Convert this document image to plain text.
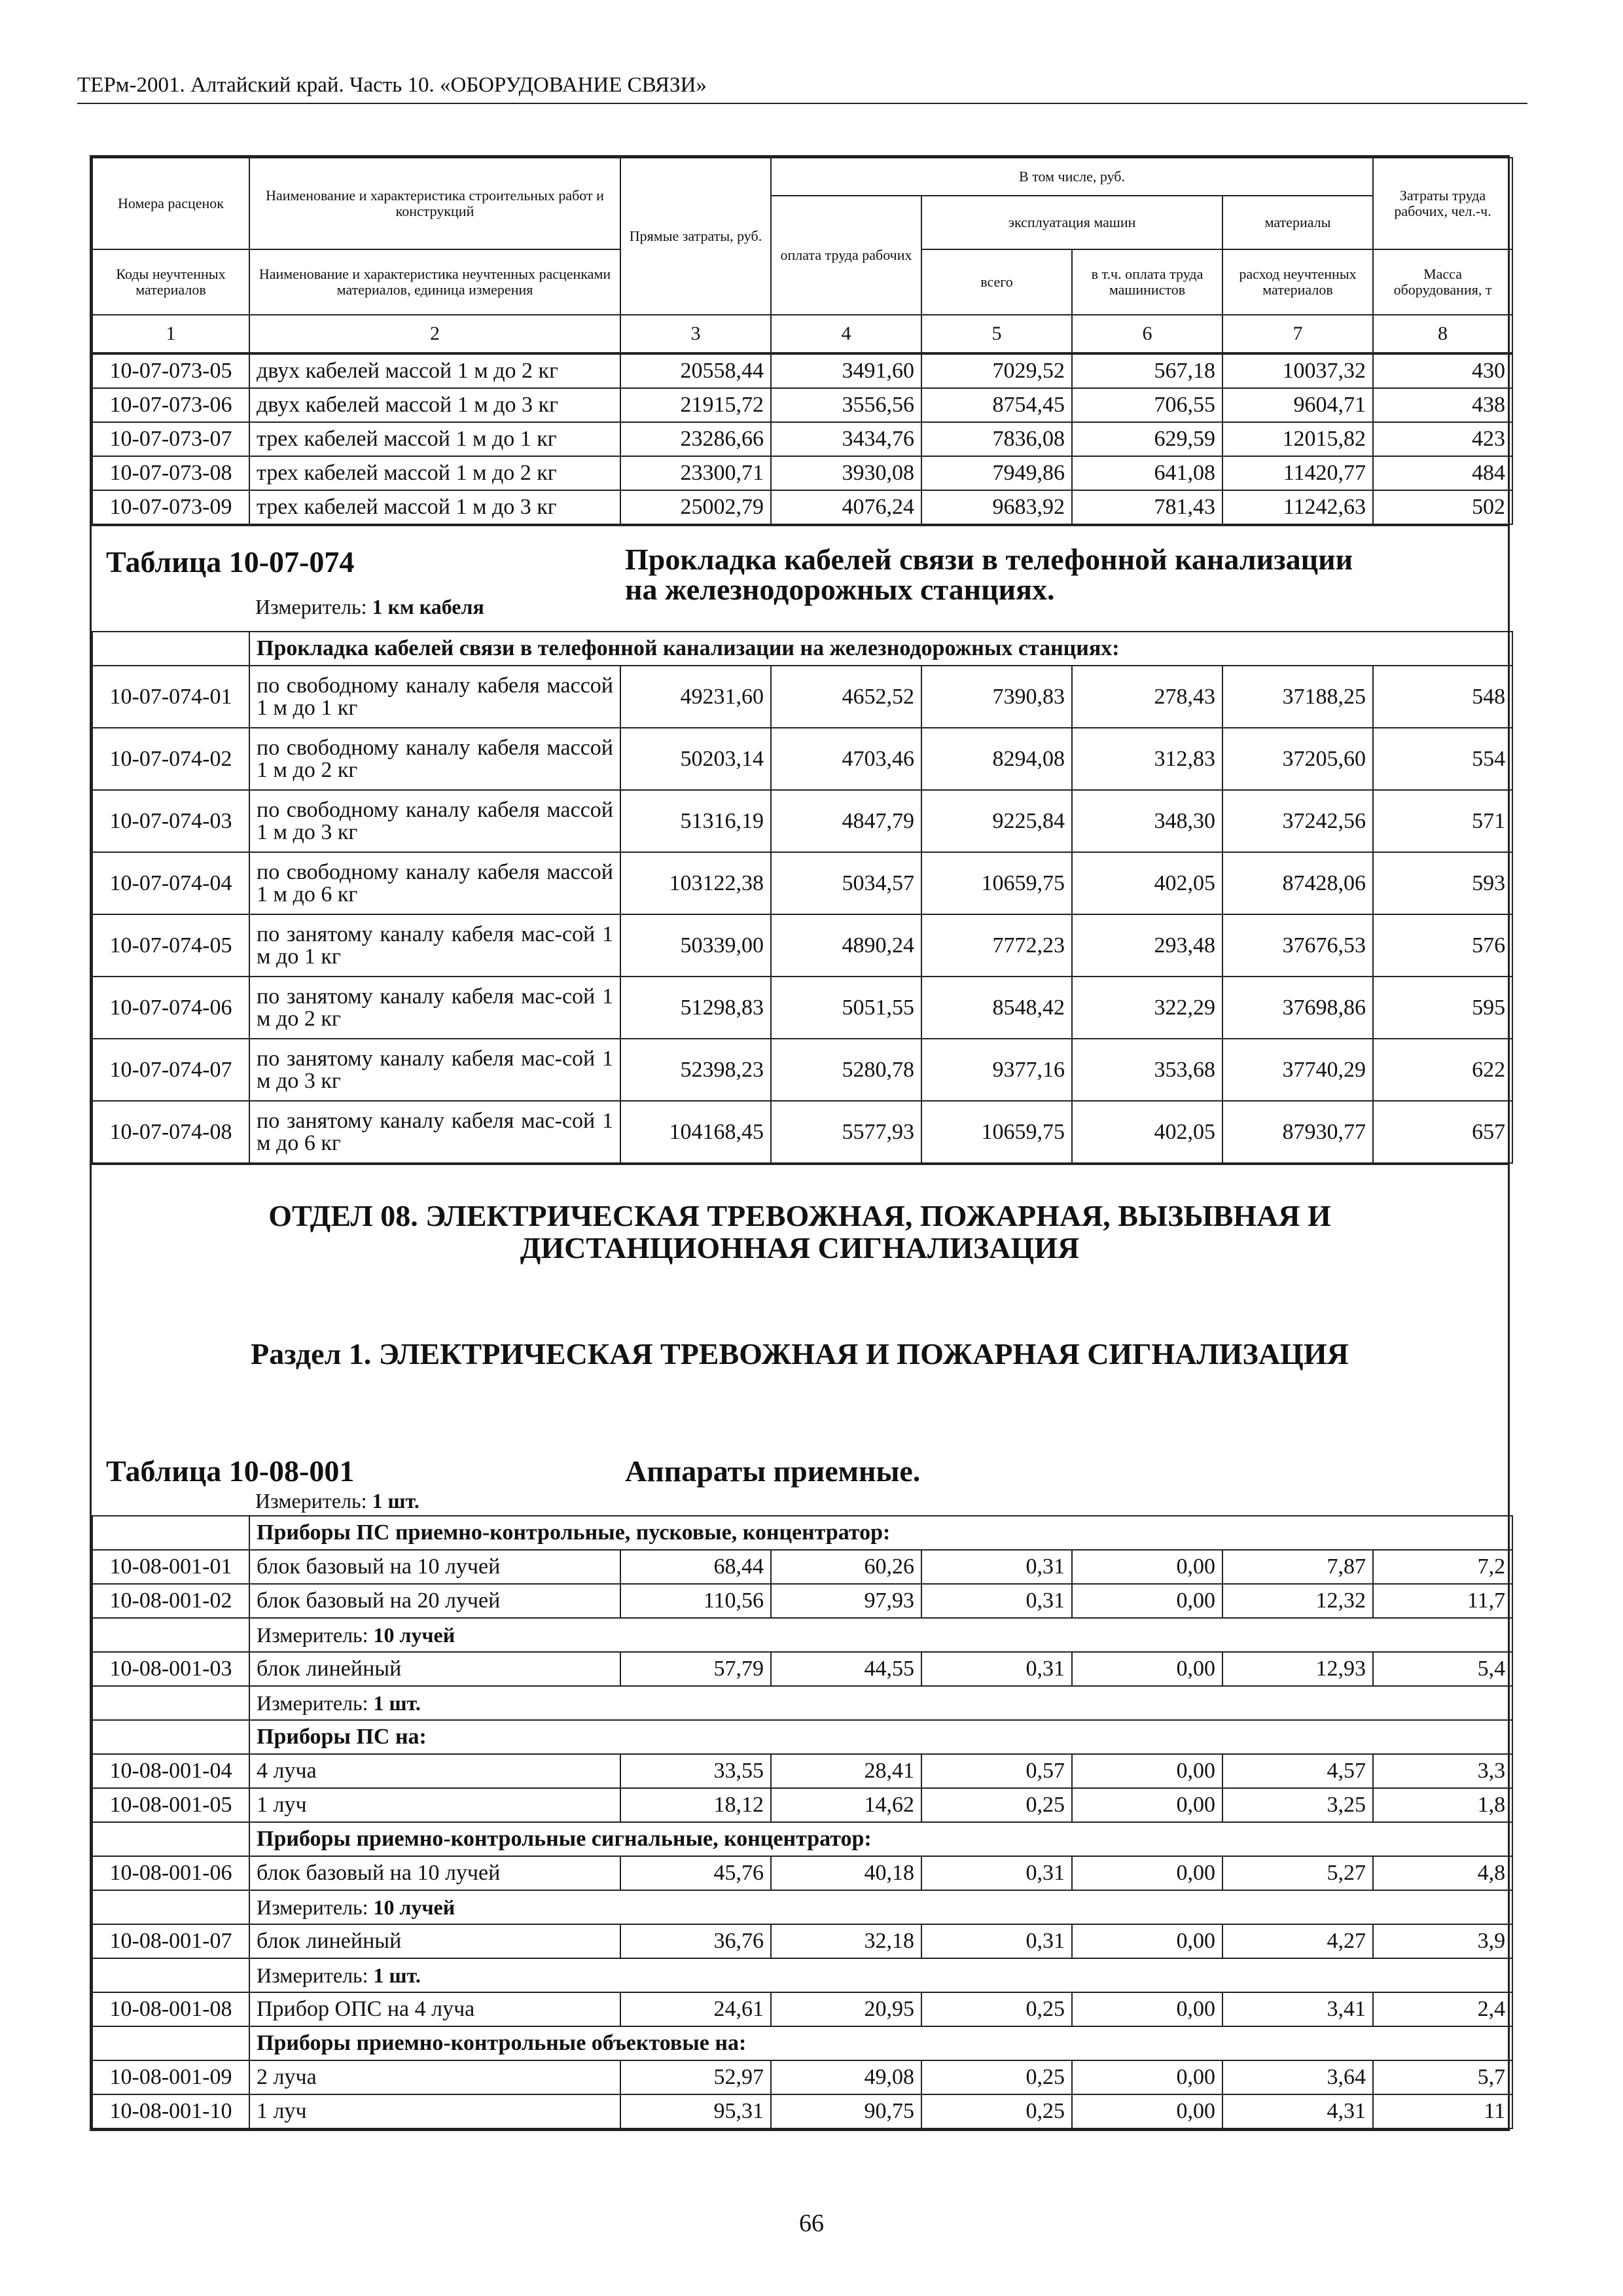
ТЕРм-2001. Алтайский край. Часть 10. «ОБОРУДОВАНИЕ СВЯЗИ»
Номера расценок	Наименование и характеристика строительных работ и конструкций	Прямые затраты, руб.	В том числе, руб.				Затраты труда рабочих, чел.-ч.
			оплата труда рабочих	эксплуатация машин		материалы	
Коды неучтенных материалов	Наименование и характеристика неучтенных расценками материалов, единица измерения			всего	в т.ч. оплата труда машинистов	расход неучтенных материалов	Масса оборудования, т
1	2	3	4	5	6	7	8
10-07-073-05	двух кабелей массой 1 м до 2 кг	20558,44	3491,60	7029,52	567,18	10037,32	430
10-07-073-06	двух кабелей массой 1 м до 3 кг	21915,72	3556,56	8754,45	706,55	9604,71	438
10-07-073-07	трех кабелей массой 1 м до 1 кг	23286,66	3434,76	7836,08	629,59	12015,82	423
10-07-073-08	трех кабелей массой 1 м до 2 кг	23300,71	3930,08	7949,86	641,08	11420,77	484
10-07-073-09	трех кабелей массой 1 м до 3 кг	25002,79	4076,24	9683,92	781,43	11242,63	502
Таблица 10-07-074	Прокладка кабелей связи в телефонной канализации
на железнодорожных станциях.
Измеритель: 1 км кабеля
	Прокладка кабелей связи в телефонной канализации на железнодорожных станциях:						
10-07-074-01	по свободному каналу кабеля массой 1 м до 1 кг	49231,60	4652,52	7390,83	278,43	37188,25	548
10-07-074-02	по свободному каналу кабеля массой 1 м до 2 кг	50203,14	4703,46	8294,08	312,83	37205,60	554
10-07-074-03	по свободному каналу кабеля массой 1 м до 3 кг	51316,19	4847,79	9225,84	348,30	37242,56	571
10-07-074-04	по свободному каналу кабеля массой 1 м до 6 кг	103122,38	5034,57	10659,75	402,05	87428,06	593
10-07-074-05	по занятому каналу кабеля мас-сой 1 м до 1 кг	50339,00	4890,24	7772,23	293,48	37676,53	576
10-07-074-06	по занятому каналу кабеля мас-сой 1 м до 2 кг	51298,83	5051,55	8548,42	322,29	37698,86	595
10-07-074-07	по занятому каналу кабеля мас-сой 1 м до 3 кг	52398,23	5280,78	9377,16	353,68	37740,29	622
10-07-074-08	по занятому каналу кабеля мас-сой 1 м до 6 кг	104168,45	5577,93	10659,75	402,05	87930,77	657
ОТДЕЛ 08. ЭЛЕКТРИЧЕСКАЯ ТРЕВОЖНАЯ, ПОЖАРНАЯ, ВЫЗЫВНАЯ И
ДИСТАНЦИОННАЯ СИГНАЛИЗАЦИЯ
Раздел 1. ЭЛЕКТРИЧЕСКАЯ ТРЕВОЖНАЯ И ПОЖАРНАЯ СИГНАЛИЗАЦИЯ
Таблица 10-08-001	Аппараты приемные.
Измеритель: 1 шт.
	Приборы ПС приемно-контрольные, пусковые, концентратор:						
10-08-001-01	блок базовый на 10 лучей	68,44	60,26	0,31	0,00	7,87	7,2
10-08-001-02	блок базовый на 20 лучей	110,56	97,93	0,31	0,00	12,32	11,7
	Измеритель: 10 лучей						
10-08-001-03	блок линейный	57,79	44,55	0,31	0,00	12,93	5,4
	Измеритель: 1 шт.						
	Приборы ПС на:						
10-08-001-04	4 луча	33,55	28,41	0,57	0,00	4,57	3,3
10-08-001-05	1 луч	18,12	14,62	0,25	0,00	3,25	1,8
	Приборы приемно-контрольные сигнальные, концентратор:						
10-08-001-06	блок базовый на 10 лучей	45,76	40,18	0,31	0,00	5,27	4,8
	Измеритель: 10 лучей						
10-08-001-07	блок линейный	36,76	32,18	0,31	0,00	4,27	3,9
	Измеритель: 1 шт.						
10-08-001-08	Прибор ОПС на 4 луча	24,61	20,95	0,25	0,00	3,41	2,4
	Приборы приемно-контрольные объектовые на:						
10-08-001-09	2 луча	52,97	49,08	0,25	0,00	3,64	5,7
10-08-001-10	1 луч	95,31	90,75	0,25	0,00	4,31	11
66
